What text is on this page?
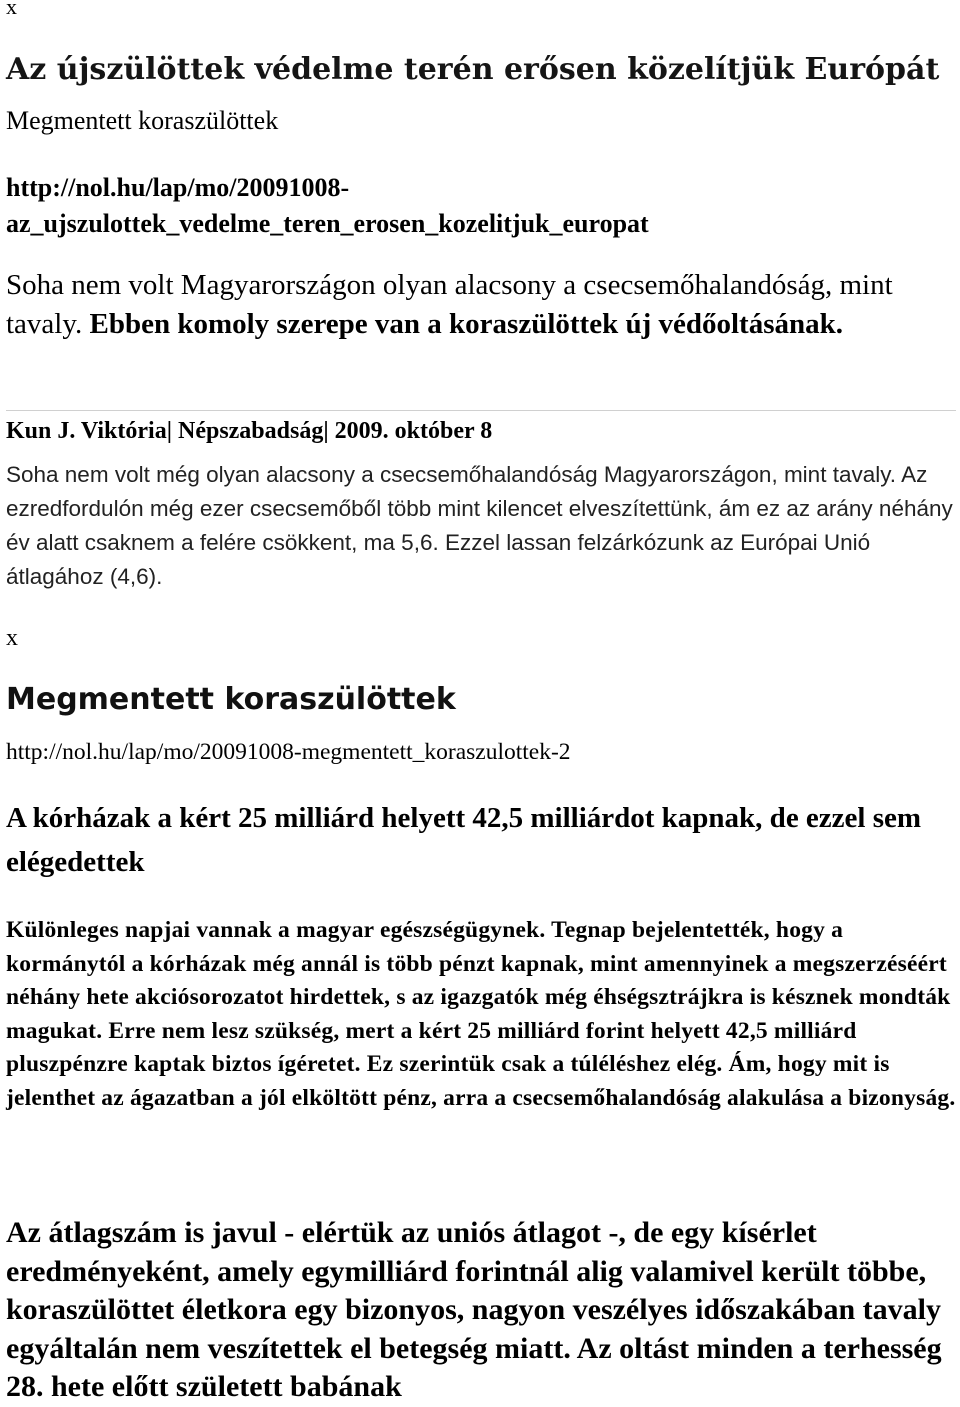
x
Az újszülöttek védelme terén erősen közelítjük Európát
Megmentett koraszülöttek
http://nol.hu/lap/mo/20091008-az_ujszulottek_vedelme_teren_erosen_kozelitjuk_europat
Soha nem volt Magyarországon olyan alacsony a csecsemőhalandóság, mint tavaly. Ebben komoly szerepe van a koraszülöttek új védőoltásának.
Kun J. Viktória| Népszabadság| 2009. október 8
Soha nem volt még olyan alacsony a csecsemőhalandóság Magyarországon, mint tavaly. Az ezredfordulón még ezer csecsemőből több mint kilencet elveszítettünk, ám ez az arány néhány év alatt csaknem a felére csökkent, ma 5,6. Ezzel lassan felzárkózunk az Európai Unió átlagához (4,6).
x
Megmentett koraszülöttek
http://nol.hu/lap/mo/20091008-megmentett_koraszulottek-2
A kórházak a kért 25 milliárd helyett 42,5 milliárdot kapnak, de ezzel sem elégedettek
Különleges napjai vannak a magyar egészségügynek. Tegnap bejelentették, hogy a kormánytól a kórházak még annál is több pénzt kapnak, mint amennyinek a megszerzéséért néhány hete akciósorozatot hirdettek, s az igazgatók még éhségsztrájkra is késznek mondták magukat. Erre nem lesz szükség, mert a kért 25 milliárd forint helyett 42,5 milliárd pluszpénzre kaptak biztos ígéretet. Ez szerintük csak a túléléshez elég. Ám, hogy mit is jelenthet az ágazatban a jól elköltött pénz, arra a csecsemőhalandóság alakulása a bizonyság.
Az átlagszám is javul - elértük az uniós átlagot -, de egy kísérlet eredményeként, amely egymilliárd forintnál alig valamivel került többe, koraszülöttet életkora egy bizonyos, nagyon veszélyes időszakában tavaly egyáltalán nem veszítettek el betegség miatt. Az oltást minden a terhesség 28. hete előtt született babának
